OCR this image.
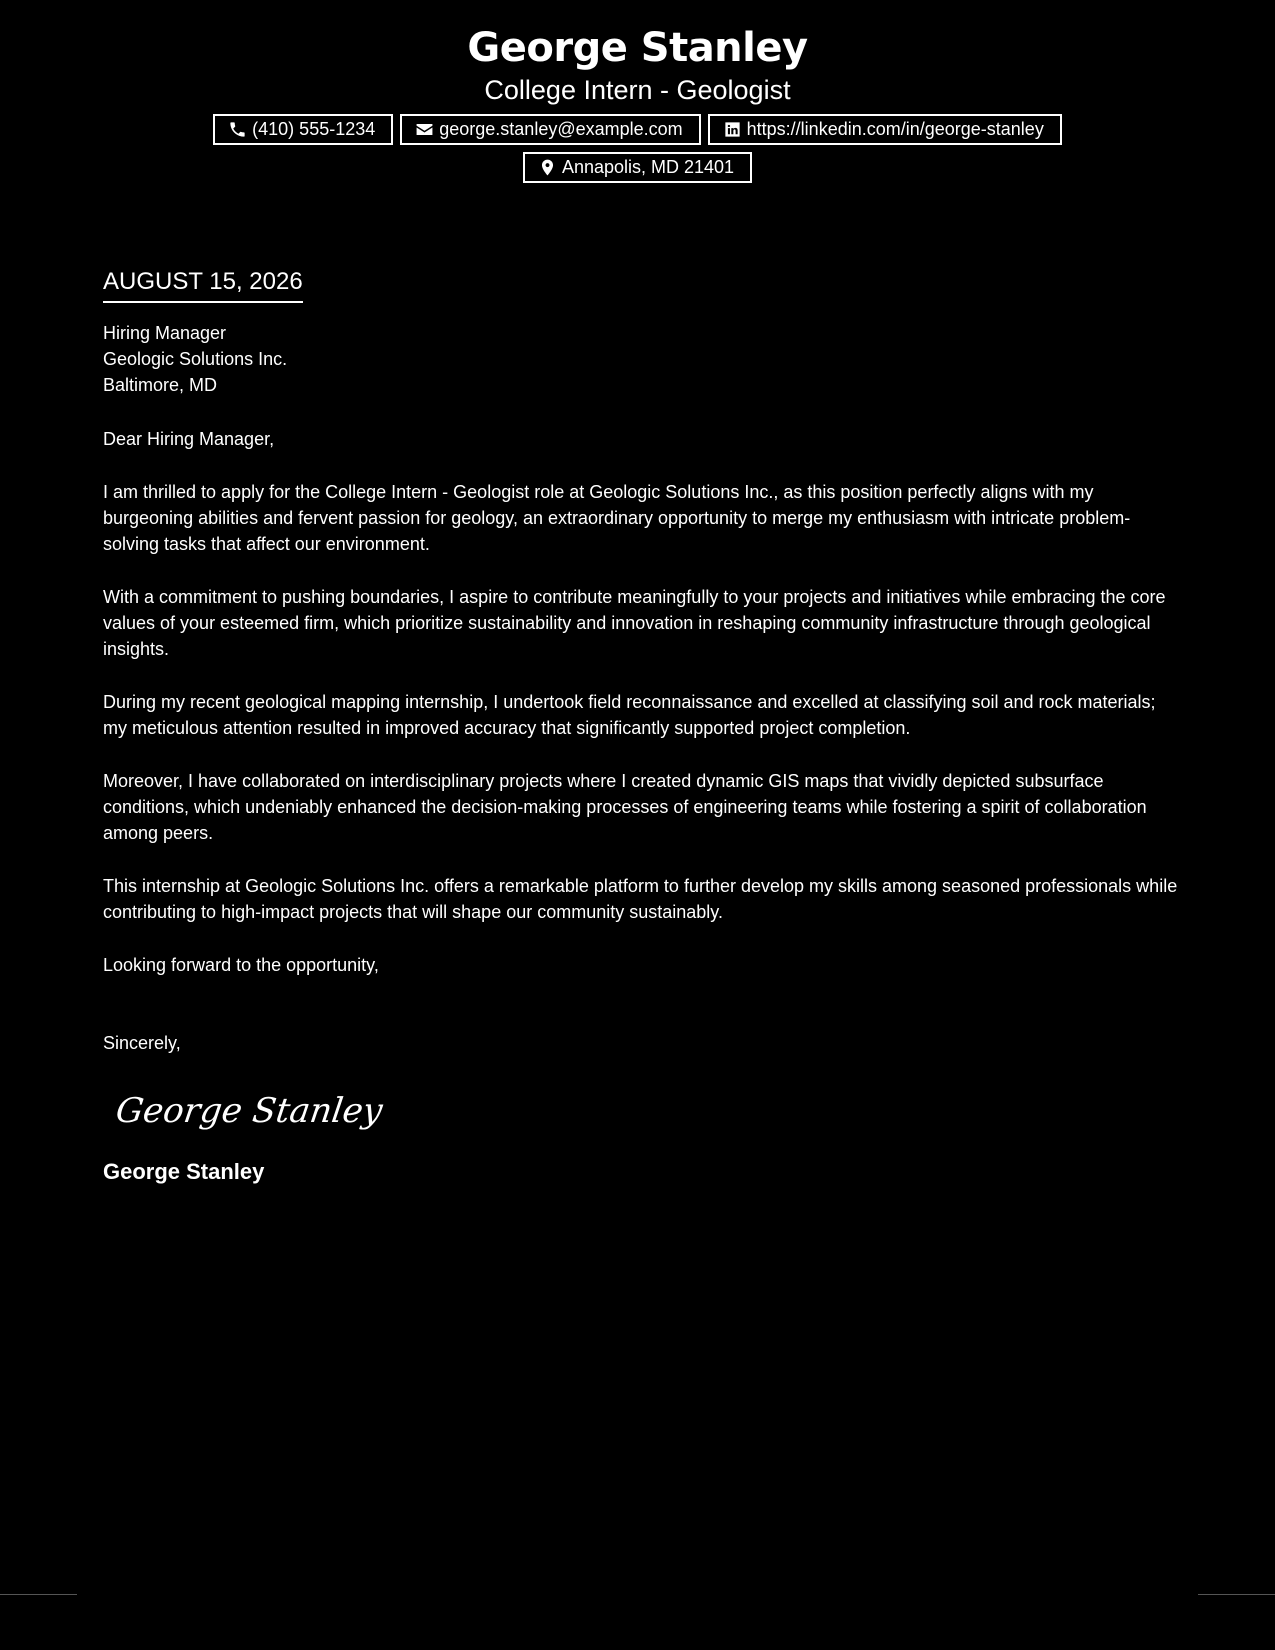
George Stanley
College Intern - Geologist
(410) 555-1234	george.stanley@example.com	https://linkedin.com/in/george-stanley
Annapolis, MD 21401
AUGUST 15, 2026
Hiring Manager
Geologic Solutions Inc.
Baltimore, MD
Dear Hiring Manager,
I am thrilled to apply for the College Intern - Geologist role at Geologic Solutions Inc., as this position perfectly aligns with my burgeoning abilities and fervent passion for geology, an extraordinary opportunity to merge my enthusiasm with intricate problem-solving tasks that affect our environment.
With a commitment to pushing boundaries, I aspire to contribute meaningfully to your projects and initiatives while embracing the core values of your esteemed firm, which prioritize sustainability and innovation in reshaping community infrastructure through geological insights.
During my recent geological mapping internship, I undertook field reconnaissance and excelled at classifying soil and rock materials; my meticulous attention resulted in improved accuracy that significantly supported project completion.
Moreover, I have collaborated on interdisciplinary projects where I created dynamic GIS maps that vividly depicted subsurface conditions, which undeniably enhanced the decision-making processes of engineering teams while fostering a spirit of collaboration among peers.
This internship at Geologic Solutions Inc. offers a remarkable platform to further develop my skills among seasoned professionals while contributing to high-impact projects that will shape our community sustainably.
Looking forward to the opportunity,
Sincerely,
George Stanley
George Stanley
